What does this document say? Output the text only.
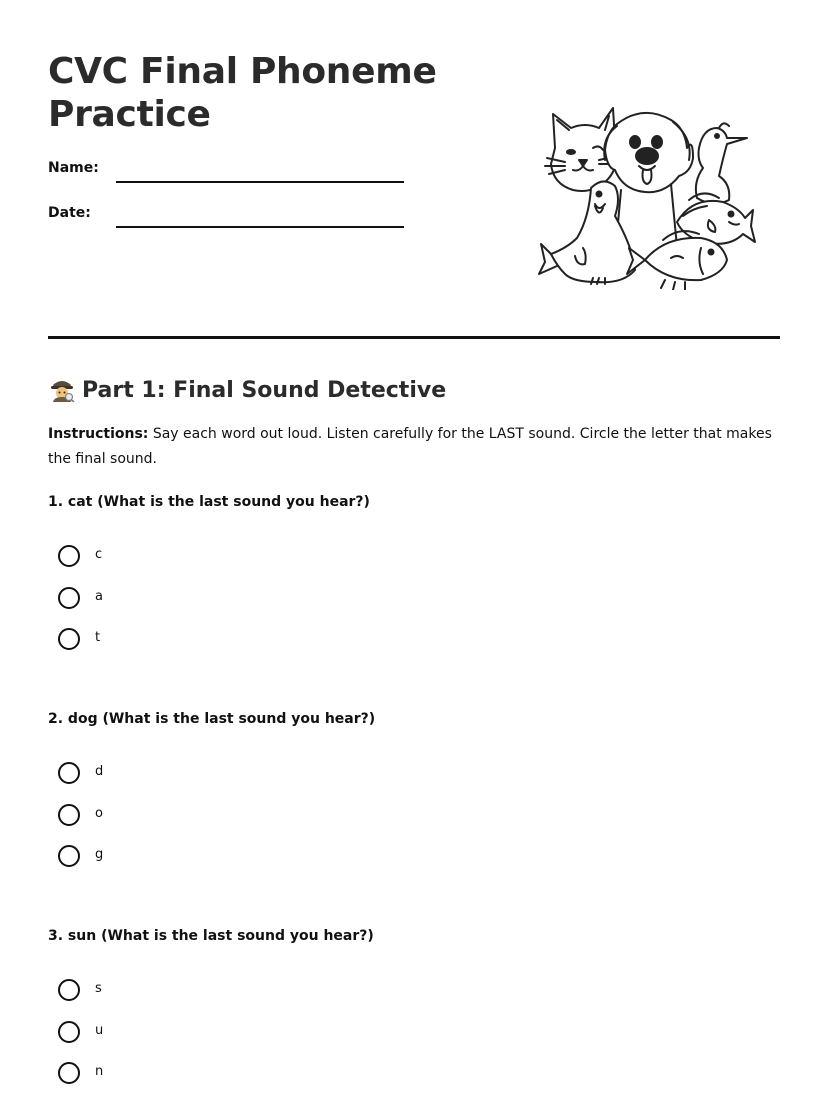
CVC Final Phoneme Practice
Name:
Date:
Part 1: Final Sound Detective

Instructions: Say each word out loud. Listen carefully for the LAST sound. Circle the letter that makes the final sound.

1. cat (What is the last sound you hear?)
c
a
t
2. dog (What is the last sound you hear?)
d
o
g
3. sun (What is the last sound you hear?)
s
u
n
